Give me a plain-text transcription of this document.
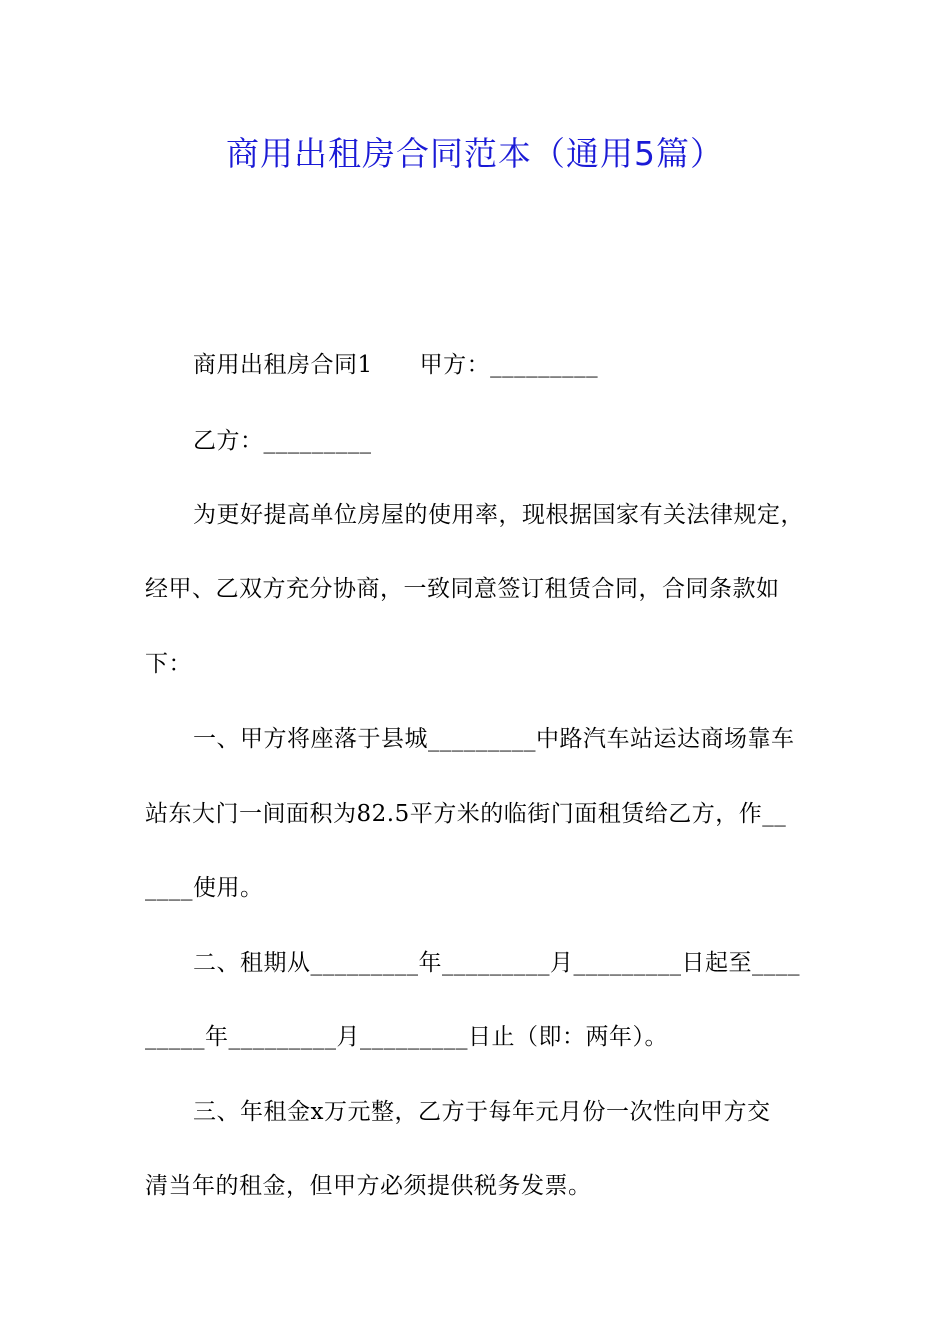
商用出租房合同范本（通用5篇）
商用出租房合同1　　甲方：_________
乙方：_________
为更好提高单位房屋的使用率，现根据国家有关法律规定，
经甲、乙双方充分协商，一致同意签订租赁合同，合同条款如
下：
一、甲方将座落于县城_________中路汽车站运达商场靠车
站东大门一间面积为82.5平方米的临街门面租赁给乙方，作__
____使用。
二、租期从_________年_________月_________日起至____
_____年_________月_________日止（即：两年）。
三、年租金x万元整，乙方于每年元月份一次性向甲方交
清当年的租金，但甲方必须提供税务发票。
